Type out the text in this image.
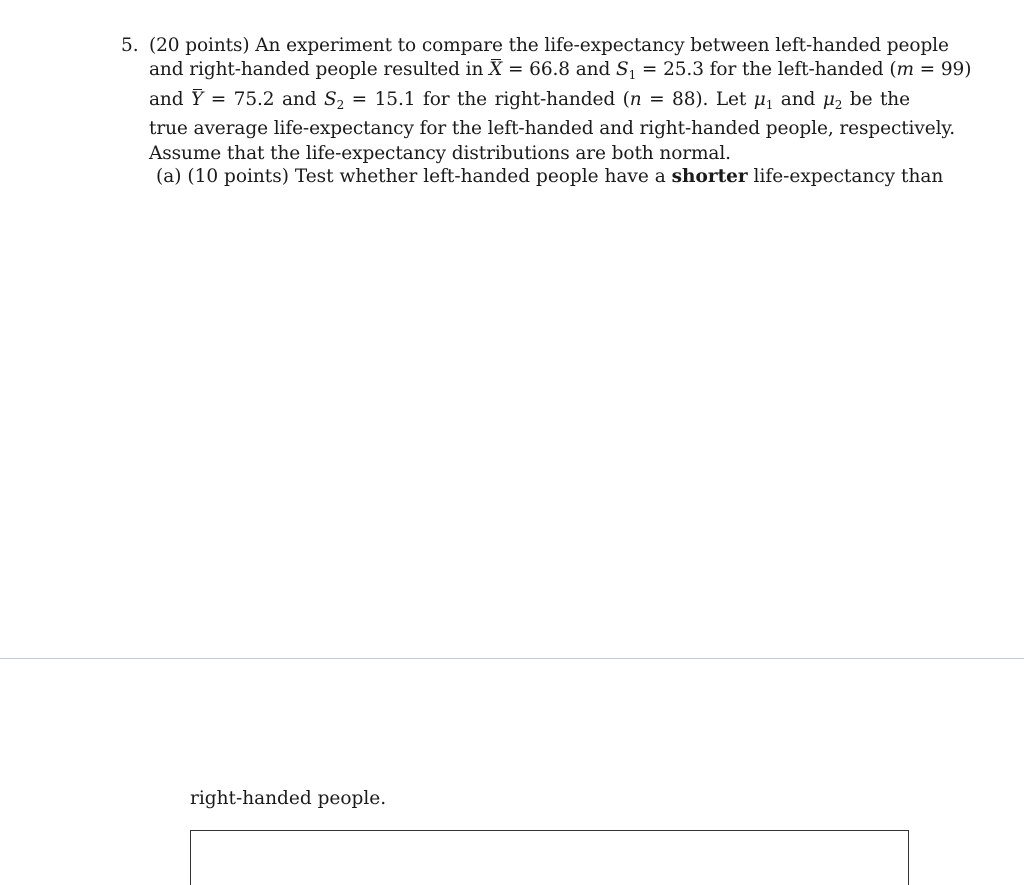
5. (20 points) An experiment to compare the life-expectancy between left-handed people
and right-handed people resulted in X = 66.8 and $S_1 = 25.3$ for the left-handed (m = 99)
and Y = 75.2 and $S_2 = 15.1$ for the right-handed (n = 88). Let $\mu_1$ and $\mu_2$ be the
true average life-expectancy for the left-handed and right-handed people, respectively.
Assume that the life-expectancy distributions are both normal.
(a) (10 points) Test whether left-handed people have a shorter life-expectancy than
right-handed people.
